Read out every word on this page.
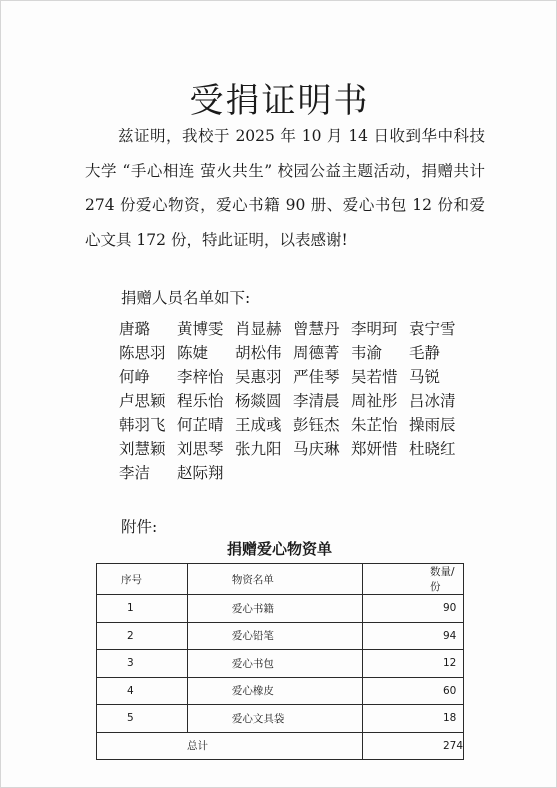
受捐证明书
兹证明，我校于 2025 年 10 月 14 日收到华中科技大学 “手心相连 萤火共生” 校园公益主题活动，捐赠共计 274 份爱心物资，爱心书籍 90 册、爱心书包 12 份和爱心文具 172 份，特此证明，以表感谢!
捐赠人员名单如下:
唐璐	黄博雯 肖显赫 曾慧丹 李明珂 袁宁雪
陈思羽 陈婕	胡松伟 周德菁 韦渝	毛静
何峥	李梓怡 吴惠羽 严佳琴 吴若惜 马锐
卢思颖 程乐怡 杨燚圆 李清晨 周祉彤 吕冰清
韩羽飞 何芷晴 王成彧 彭钰杰 朱芷怡 操雨辰
刘慧颖 刘思琴 张九阳 马庆琳 郑妍惜 杜晓红
李洁	赵际翔
附件:
捐赠爱心物资单
序号	物资名单	数量/份
1	爱心书籍	90
2	爱心铅笔	94
3	爱心书包	12
4	爱心橡皮	60
5	爱心文具袋	18
总计		274
